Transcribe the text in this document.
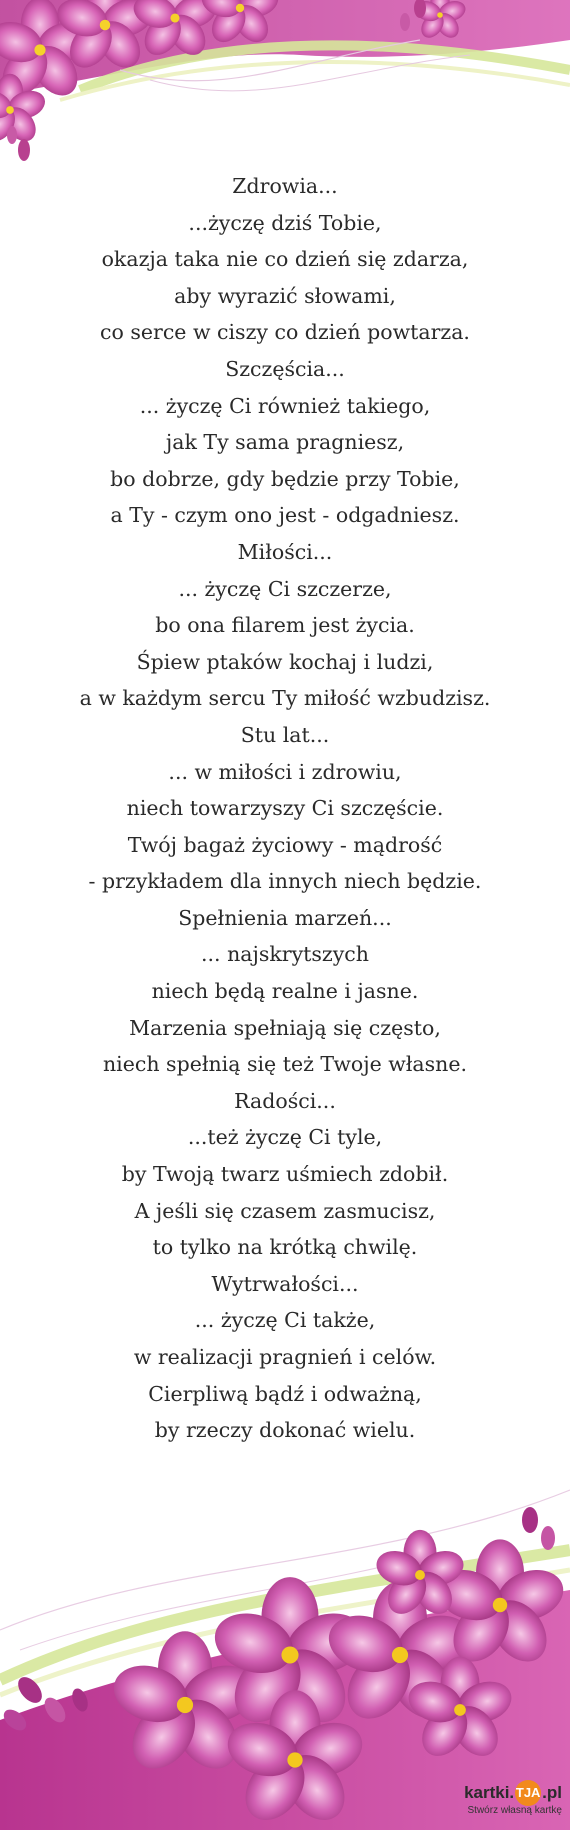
Zdrowia...
...życzę dziś Tobie,
okazja taka nie co dzień się zdarza,
aby wyrazić słowami,
co serce w ciszy co dzień powtarza.
Szczęścia...
... życzę Ci również takiego,
jak Ty sama pragniesz,
bo dobrze, gdy będzie przy Tobie,
a Ty - czym ono jest - odgadniesz.
Miłości...
... życzę Ci szczerze,
bo ona filarem jest życia.
Śpiew ptaków kochaj i ludzi,
a w każdym sercu Ty miłość wzbudzisz.
Stu lat...
... w miłości i zdrowiu,
niech towarzyszy Ci szczęście.
Twój bagaż życiowy - mądrość
- przykładem dla innych niech będzie.
Spełnienia marzeń...
... najskrytszych
niech będą realne i jasne.
Marzenia spełniają się często,
niech spełnią się też Twoje własne.
Radości...
...też życzę Ci tyle,
by Twoją twarz uśmiech zdobił.
A jeśli się czasem zasmucisz,
to tylko na krótką chwilę.
Wytrwałości...
... życzę Ci także,
w realizacji pragnień i celów.
Cierpliwą bądź i odważną,
by rzeczy dokonać wielu.
kartki. TJA .pl
Stwórz własną kartkę
